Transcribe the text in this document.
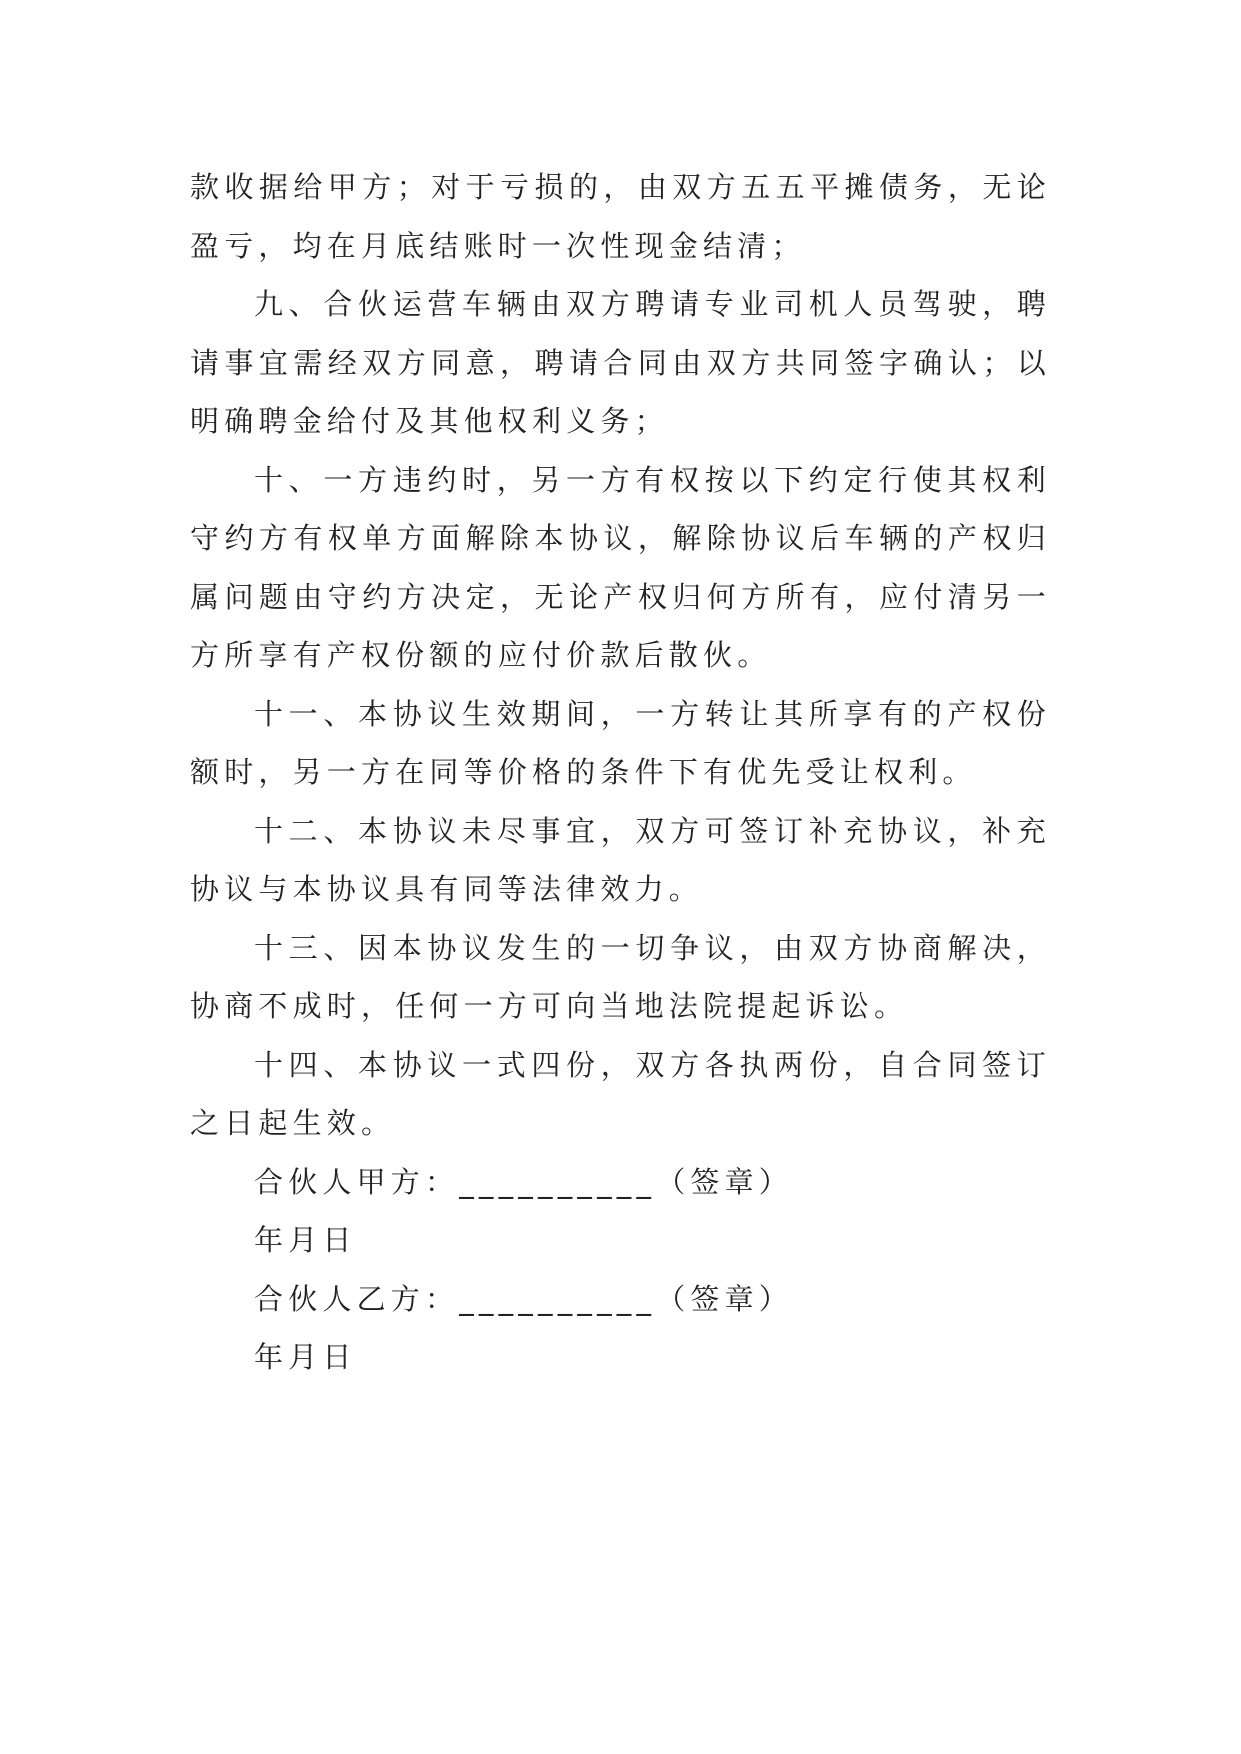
款收据给甲方；对于亏损的，由双方五五平摊债务，无论盈亏，均在月底结账时一次性现金结清；

九、合伙运营车辆由双方聘请专业司机人员驾驶，聘请事宜需经双方同意，聘请合同由双方共同签字确认；以明确聘金给付及其他权利义务；

十、一方违约时，另一方有权按以下约定行使其权利守约方有权单方面解除本协议，解除协议后车辆的产权归属问题由守约方决定，无论产权归何方所有，应付清另一方所享有产权份额的应付价款后散伙。

十一、本协议生效期间，一方转让其所享有的产权份额时，另一方在同等价格的条件下有优先受让权利。

十二、本协议未尽事宜，双方可签订补充协议，补充协议与本协议具有同等法律效力。

十三、因本协议发生的一切争议，由双方协商解决，协商不成时，任何一方可向当地法院提起诉讼。

十四、本协议一式四份，双方各执两份，自合同签订之日起生效。

合伙人甲方：__________（签章）

年月日

合伙人乙方：__________（签章）

年月日
